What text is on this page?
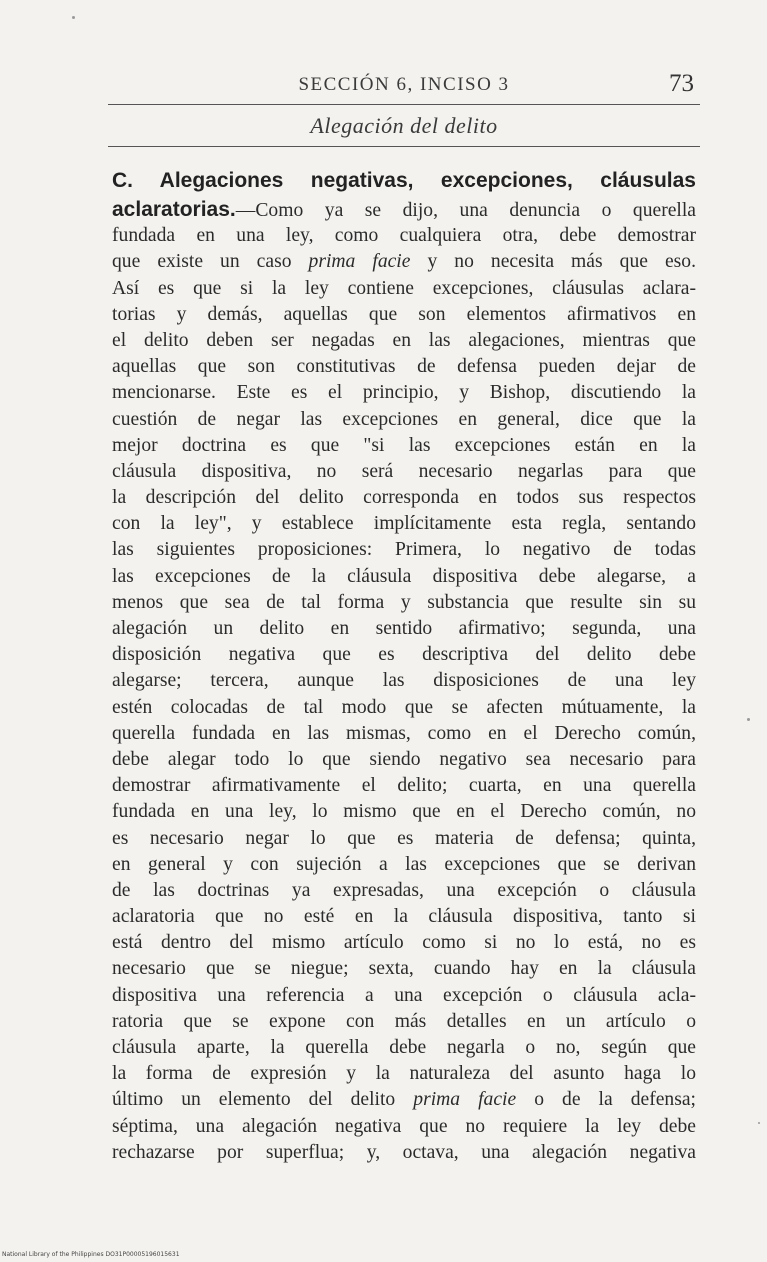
SECCIÓN 6, INCISO 3	73
Alegación del delito
C. Alegaciones negativas, excepciones, cláusulas
aclaratorias.—Como ya se dijo, una denuncia o querella
fundada en una ley, como cualquiera otra, debe demostrar
que existe un caso prima facie y no necesita más que eso.
Así es que si la ley contiene excepciones, cláusulas aclara-
torias y demás, aquellas que son elementos afirmativos en
el delito deben ser negadas en las alegaciones, mientras que
aquellas que son constitutivas de defensa pueden dejar de
mencionarse. Este es el principio, y Bishop, discutiendo la
cuestión de negar las excepciones en general, dice que la
mejor doctrina es que "si las excepciones están en la
cláusula dispositiva, no será necesario negarlas para que
la descripción del delito corresponda en todos sus respectos
con la ley", y establece implícitamente esta regla, sentando
las siguientes proposiciones: Primera, lo negativo de todas
las excepciones de la cláusula dispositiva debe alegarse, a
menos que sea de tal forma y substancia que resulte sin su
alegación un delito en sentido afirmativo; segunda, una
disposición negativa que es descriptiva del delito debe
alegarse; tercera, aunque las disposiciones de una ley
estén colocadas de tal modo que se afecten mútuamente, la
querella fundada en las mismas, como en el Derecho común,
debe alegar todo lo que siendo negativo sea necesario para
demostrar afirmativamente el delito; cuarta, en una querella
fundada en una ley, lo mismo que en el Derecho común, no
es necesario negar lo que es materia de defensa; quinta,
en general y con sujeción a las excepciones que se derivan
de las doctrinas ya expresadas, una excepción o cláusula
aclaratoria que no esté en la cláusula dispositiva, tanto si
está dentro del mismo artículo como si no lo está, no es
necesario que se niegue; sexta, cuando hay en la cláusula
dispositiva una referencia a una excepción o cláusula acla-
ratoria que se expone con más detalles en un artículo o
cláusula aparte, la querella debe negarla o no, según que
la forma de expresión y la naturaleza del asunto haga lo
último un elemento del delito prima facie o de la defensa;
séptima, una alegación negativa que no requiere la ley debe
rechazarse por superflua; y, octava, una alegación negativa
National Library of the Philippines DO31P00005196015631
